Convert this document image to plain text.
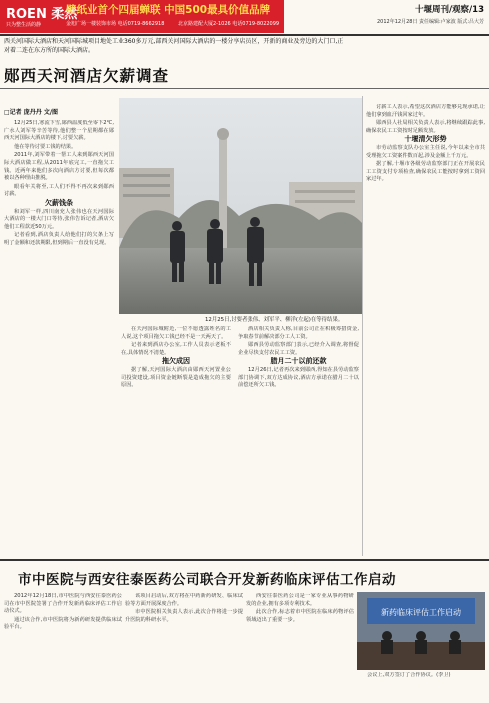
ROEN 柔然
只为整生活的静
壁纸业首个四届蝉联 中国500最具价值品牌
金旭广场一楼装饰市场 电话0719-8662918	北京路建配大厦2-1026 电话0719-8022099
十堰周刊/观察/13
2012年12月28日 责任编辑:卢家波 版式:吕大芳
西关河国际大酒店和天河国际城项目地处工业360多万元,部西关河国际大酒店的一楼分享店员区，开新的商业及旁边的大门口,正对着二连在东方所的国际大酒店。
郧西天河酒店欠薪调查
□记者 庞丹丹 文/图

12月25日,寒流下雪,郧西温度低至零下2℃,广水人刘军等辛苦等待,他们整一个星期都在郧西天河国际大酒店的楼下,讨要欠薪。

他在等待讨要工钱的结果。

2011年,刘军带着一帮工人来到郧西天河国际大酒店做工程,从2011年底完工,一直拖欠工钱。近两年来他们多次向酒店方讨要,但每次都被以各种理由推脱。

眼看年关将至,工人们不得不再次来到郧西讨薪。

欠薪钱条

和刘军一样,四川南充人张伟也在天河国际大酒店的一楼大门口等待,张伟告诉记者,酒店欠他们工程款近50万元。

记者看到,酒店负责人给他们打的欠条上写明了金额和还款期限,但到期后一直没有兑现。

12月25日,讨要者张伟、刘军平、柳洋(左起)在等待结果。

在天河国际城附近,一位不愿透露姓名的工人说,这个项目拖欠工钱已经不是一天两天了。

记者来到酒店办公室,工作人员表示老板不在,具体情况不清楚。

拖欠成因

据了解,天河国际大酒店由郧西天河置业公司投资建设,项目资金链断裂是造成拖欠的主要原因。

酒店相关负责人称,目前公司正在积极筹措资金,争取春节前解决部分工人工资。

郧西县劳动监察部门表示,已经介入调查,将督促企业尽快支付农民工工资。

腊月二十以前还款

12月26日,记者再次来到郧西,得知在县劳动监察部门协调下,双方达成协议,酒店方承诺在腊月二十以前偿还所欠工钱。

讨薪工人表示,希望这次酒店方能够兑现承诺,让他们拿到血汗钱回家过年。

郧西县人社局相关负责人表示,将继续跟踪此事,确保农民工工资按时足额发放。

十堰清欠形势

市劳动监察支队办公室主任说,今年以来全市共受理拖欠工资案件数百起,涉及金额上千万元。

据了解,十堰市各级劳动监察部门正在开展农民工工资支付专项检查,确保农民工能按时拿到工资回家过年。

市中医院与西安往泰医药公司联合开发新药临床评估工作启动

2012年12月18日,市中医院与西安往泰医药公司在市中医院签署了合作开发新药临床评估工作启动仪式。

通过该合作,市中医院将为新药研发提供临床试验平台。

该项目启动后,双方将在中药新药研发、临床试验等方面开展深度合作。

市中医院相关负责人表示,此次合作将进一步提升医院的科研水平。

西安往泰医药公司是一家专业从事药物研发的企业,拥有多项专利技术。

此次合作,标志着市中医院在临床药物评估领域迈出了重要一步。

新药临床评估工作启动

会议上,双方签订了合作协议。(李卫)
